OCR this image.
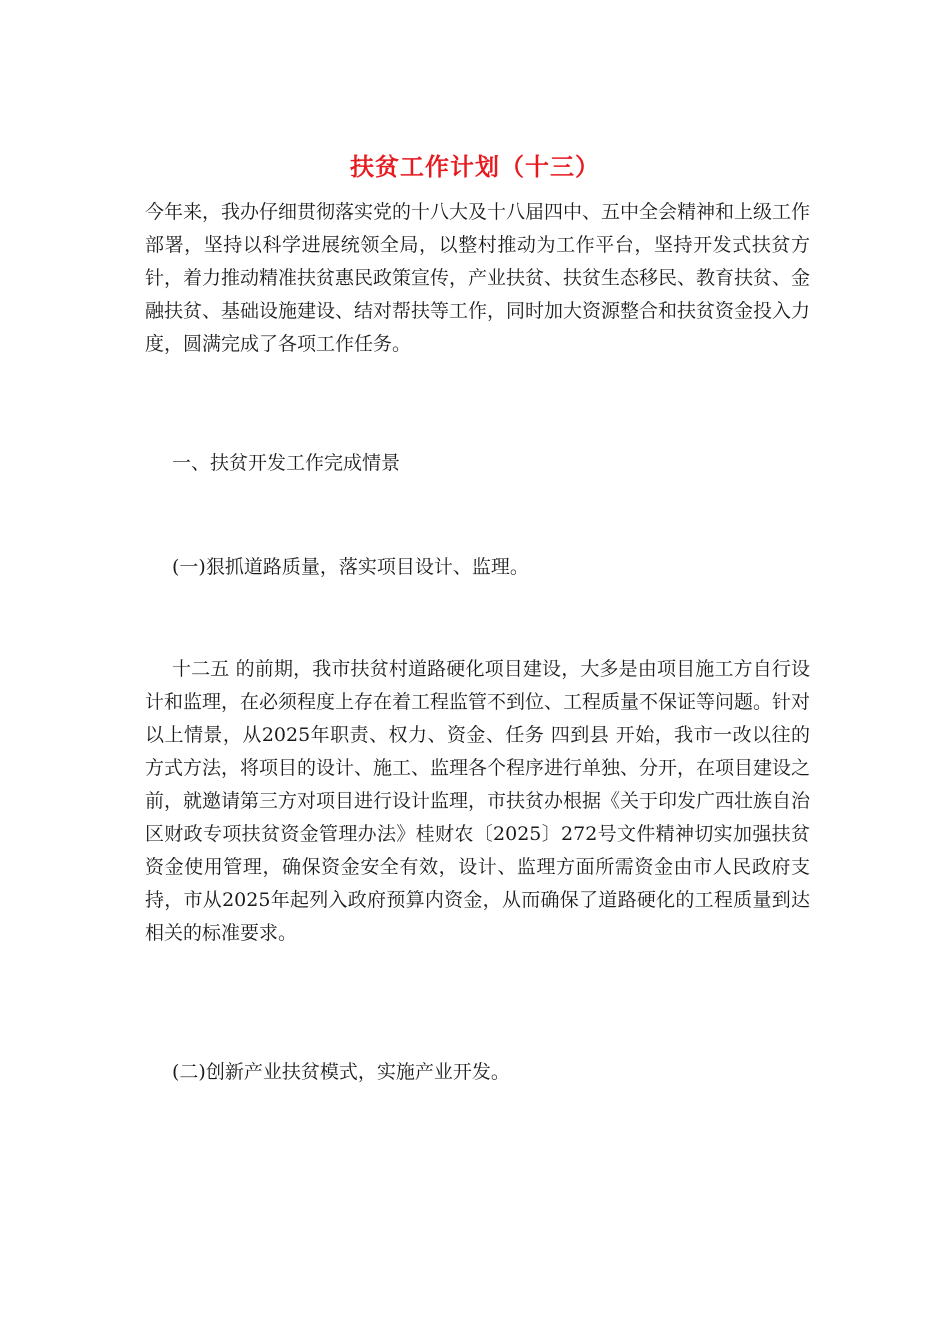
扶贫工作计划（十三）

今年来，我办仔细贯彻落实党的十八大及十八届四中、五中全会精神和上级工作部署，坚持以科学进展统领全局，以整村推动为工作平台，坚持开发式扶贫方针，着力推动精准扶贫惠民政策宣传，产业扶贫、扶贫生态移民、教育扶贫、金融扶贫、基础设施建设、结对帮扶等工作，同时加大资源整合和扶贫资金投入力度，圆满完成了各项工作任务。

一、扶贫开发工作完成情景

(一)狠抓道路质量，落实项目设计、监理。

十二五 的前期，我市扶贫村道路硬化项目建设，大多是由项目施工方自行设计和监理，在必须程度上存在着工程监管不到位、工程质量不保证等问题。针对以上情景，从2025年职责、权力、资金、任务 四到县 开始，我市一改以往的方式方法，将项目的设计、施工、监理各个程序进行单独、分开，在项目建设之前，就邀请第三方对项目进行设计监理，市扶贫办根据《关于印发广西壮族自治区财政专项扶贫资金管理办法》桂财农〔2025〕272号文件精神切实加强扶贫资金使用管理，确保资金安全有效，设计、监理方面所需资金由市人民政府支持，市从2025年起列入政府预算内资金，从而确保了道路硬化的工程质量到达相关的标准要求。

(二)创新产业扶贫模式，实施产业开发。
